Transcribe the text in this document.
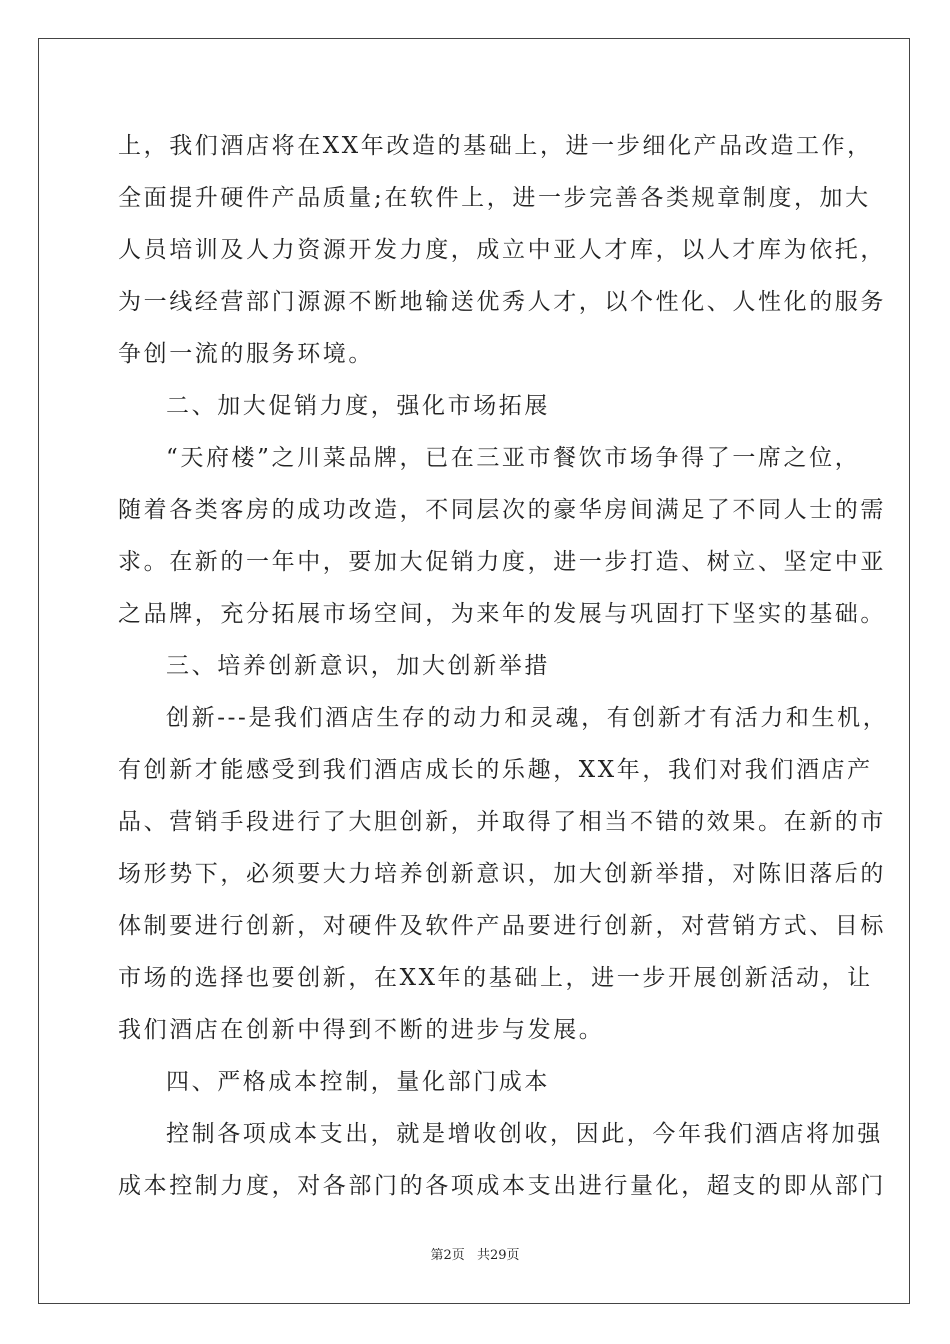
上，我们酒店将在XX年改造的基础上，进一步细化产品改造工作，
全面提升硬件产品质量;在软件上，进一步完善各类规章制度，加大
人员培训及人力资源开发力度，成立中亚人才库，以人才库为依托，
为一线经营部门源源不断地输送优秀人才，以个性化、人性化的服务
争创一流的服务环境。
二、加大促销力度，强化市场拓展
“天府楼”之川菜品牌，已在三亚市餐饮市场争得了一席之位，
随着各类客房的成功改造，不同层次的豪华房间满足了不同人士的需
求。在新的一年中，要加大促销力度，进一步打造、树立、坚定中亚
之品牌，充分拓展市场空间，为来年的发展与巩固打下坚实的基础。
三、培养创新意识，加大创新举措
创新---是我们酒店生存的动力和灵魂，有创新才有活力和生机，
有创新才能感受到我们酒店成长的乐趣，XX年，我们对我们酒店产
品、营销手段进行了大胆创新，并取得了相当不错的效果。在新的市
场形势下，必须要大力培养创新意识，加大创新举措，对陈旧落后的
体制要进行创新，对硬件及软件产品要进行创新，对营销方式、目标
市场的选择也要创新，在XX年的基础上，进一步开展创新活动，让
我们酒店在创新中得到不断的进步与发展。
四、严格成本控制，量化部门成本
控制各项成本支出，就是增收创收，因此，今年我们酒店将加强
成本控制力度，对各部门的各项成本支出进行量化，超支的即从部门
第2页 共29页
